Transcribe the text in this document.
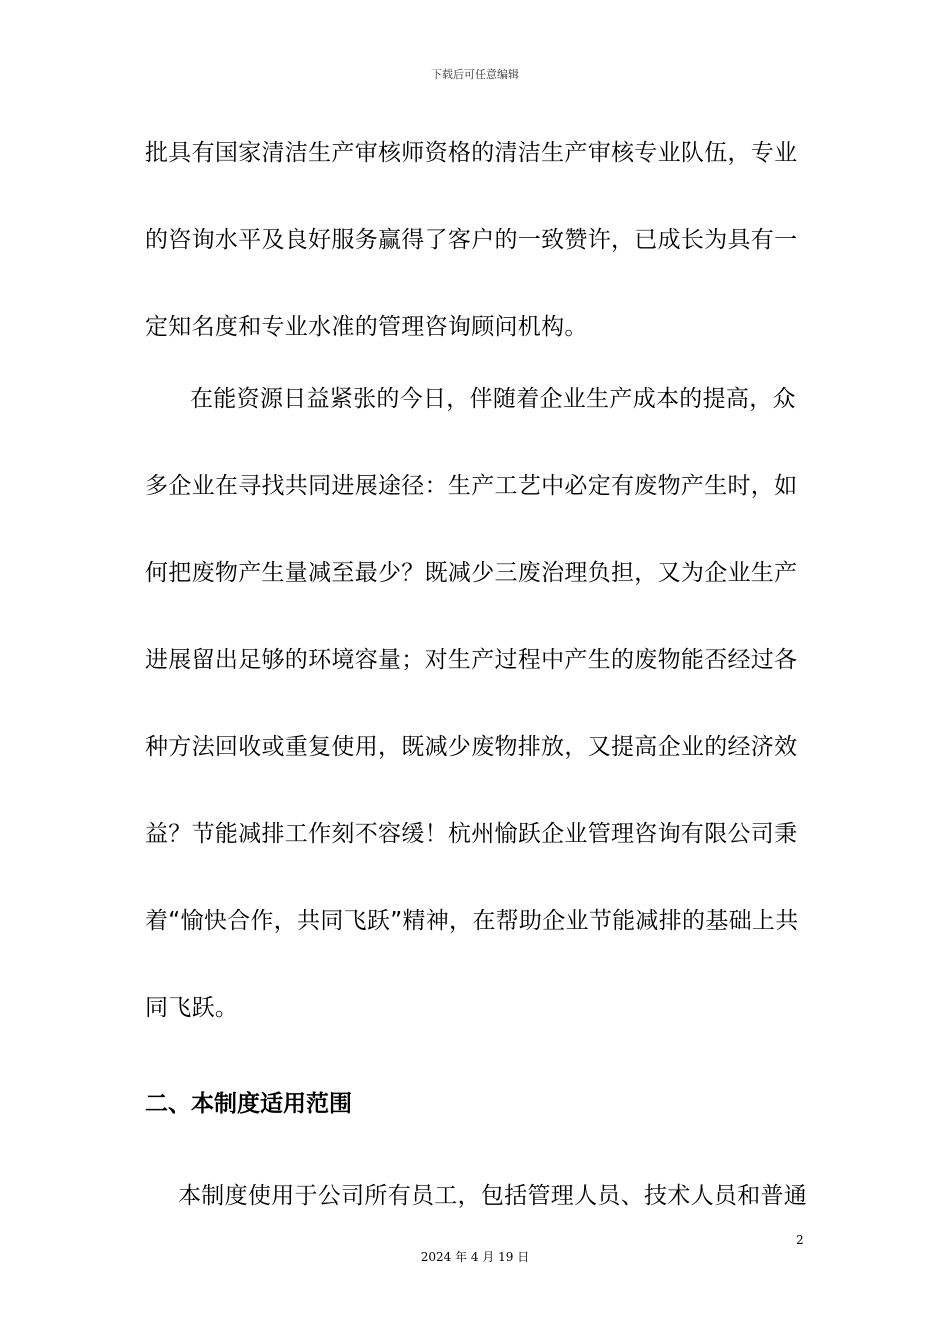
下载后可任意编辑
批具有国家清洁生产审核师资格的清洁生产审核专业队伍，专业
的咨询水平及良好服务赢得了客户的一致赞许，已成长为具有一
定知名度和专业水准的管理咨询顾问机构。
在能资源日益紧张的今日，伴随着企业生产成本的提高，众
多企业在寻找共同进展途径：生产工艺中必定有废物产生时，如
何把废物产生量减至最少？既减少三废治理负担，又为企业生产
进展留出足够的环境容量；对生产过程中产生的废物能否经过各
种方法回收或重复使用，既减少废物排放，又提高企业的经济效
益？节能减排工作刻不容缓！杭州愉跃企业管理咨询有限公司秉
着“愉快合作，共同飞跃”精神，在帮助企业节能减排的基础上共
同飞跃。
二、本制度适用范围
本制度使用于公司所有员工，包括管理人员、技术人员和普通
2
2024 年 4 月 19 日
